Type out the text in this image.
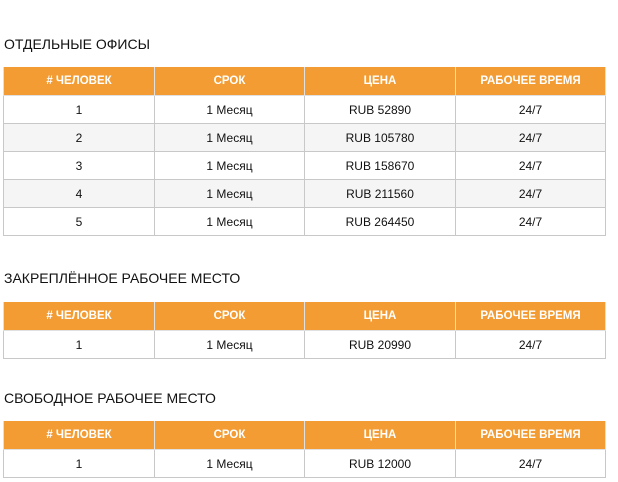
ОТДЕЛЬНЫЕ ОФИСЫ
# ЧЕЛОВЕК	СРОК	ЦЕНА	РАБОЧЕЕ ВРЕМЯ
1	1 Месяц	RUB 52890	24/7
2	1 Месяц	RUB 105780	24/7
3	1 Месяц	RUB 158670	24/7
4	1 Месяц	RUB 211560	24/7
5	1 Месяц	RUB 264450	24/7
ЗАКРЕПЛЁННОЕ РАБОЧЕЕ МЕСТО
# ЧЕЛОВЕК	СРОК	ЦЕНА	РАБОЧЕЕ ВРЕМЯ
1	1 Месяц	RUB 20990	24/7
СВОБОДНОЕ РАБОЧЕЕ МЕСТО
# ЧЕЛОВЕК	СРОК	ЦЕНА	РАБОЧЕЕ ВРЕМЯ
1	1 Месяц	RUB 12000	24/7
